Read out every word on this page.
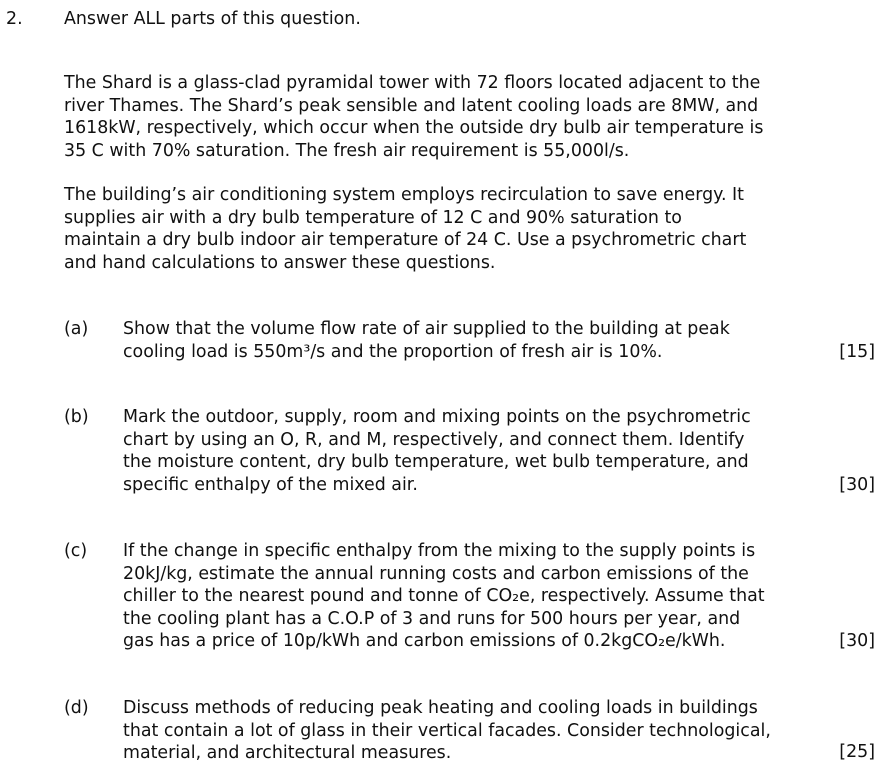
2. Answer ALL parts of this question.
The Shard is a glass-clad pyramidal tower with 72 floors located adjacent to the
river Thames. The Shard’s peak sensible and latent cooling loads are 8MW, and
1618kW, respectively, which occur when the outside dry bulb air temperature is
35 C with 70% saturation. The fresh air requirement is 55,000l/s.
The building’s air conditioning system employs recirculation to save energy. It
supplies air with a dry bulb temperature of 12 C and 90% saturation to
maintain a dry bulb indoor air temperature of 24 C. Use a psychrometric chart
and hand calculations to answer these questions.
(a) Show that the volume flow rate of air supplied to the building at peak
cooling load is 550m³/s and the proportion of fresh air is 10%.	[15]
(b) Mark the outdoor, supply, room and mixing points on the psychrometric
chart by using an O, R, and M, respectively, and connect them. Identify
the moisture content, dry bulb temperature, wet bulb temperature, and
specific enthalpy of the mixed air.	[30]
(c) If the change in specific enthalpy from the mixing to the supply points is
20kJ/kg, estimate the annual running costs and carbon emissions of the
chiller to the nearest pound and tonne of CO₂e, respectively. Assume that
the cooling plant has a C.O.P of 3 and runs for 500 hours per year, and
gas has a price of 10p/kWh and carbon emissions of 0.2kgCO₂e/kWh.	[30]
(d) Discuss methods of reducing peak heating and cooling loads in buildings
that contain a lot of glass in their vertical facades. Consider technological,
material, and architectural measures.	[25]
